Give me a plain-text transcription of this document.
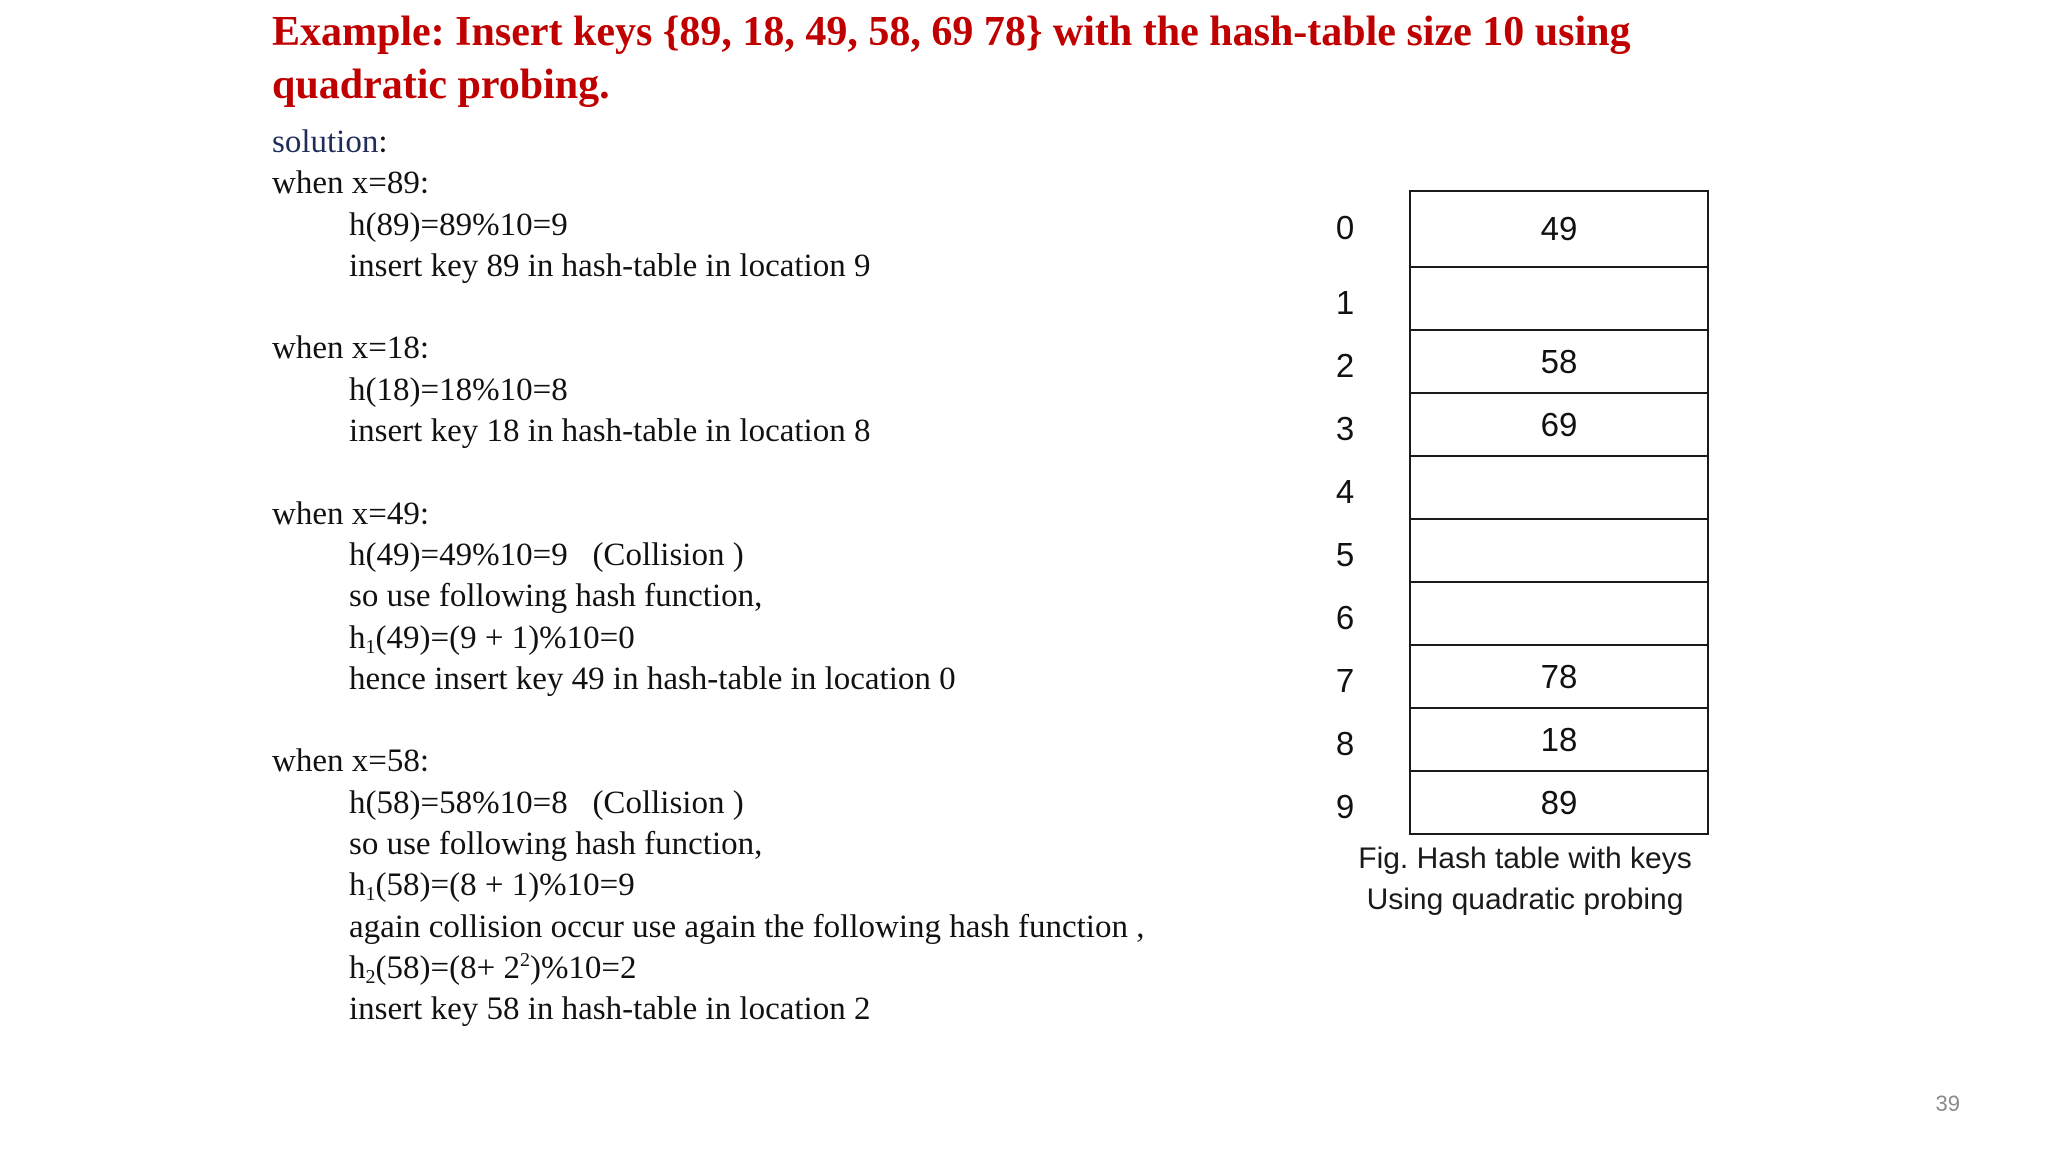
Example: Insert keys {89, 18, 49, 58, 69 78} with the hash-table size 10 using
quadratic probing.
solution:
when x=89:
h(89)=89%10=9
insert key 89 in hash-table in location 9
when x=18:
h(18)=18%10=8
insert key 18 in hash-table in location 8
when x=49:
h(49)=49%10=9   (Collision )
so use following hash function,
$h_1(49)=(9 + 1)\%10=0$
hence insert key 49 in hash-table in location 0
when x=58:
h(58)=58%10=8   (Collision )
so use following hash function,
$h_1(58)=(8 + 1)\%10=9$
again collision occur use again the following hash function ,
$h_2(58)=(8+ 2^2)\%10=2$
insert key 58 in hash-table in location 2
0	49
1
2	58
3	69
4
5
6
7	78
8	18
9	89
Fig. Hash table with keys
Using quadratic probing
39
